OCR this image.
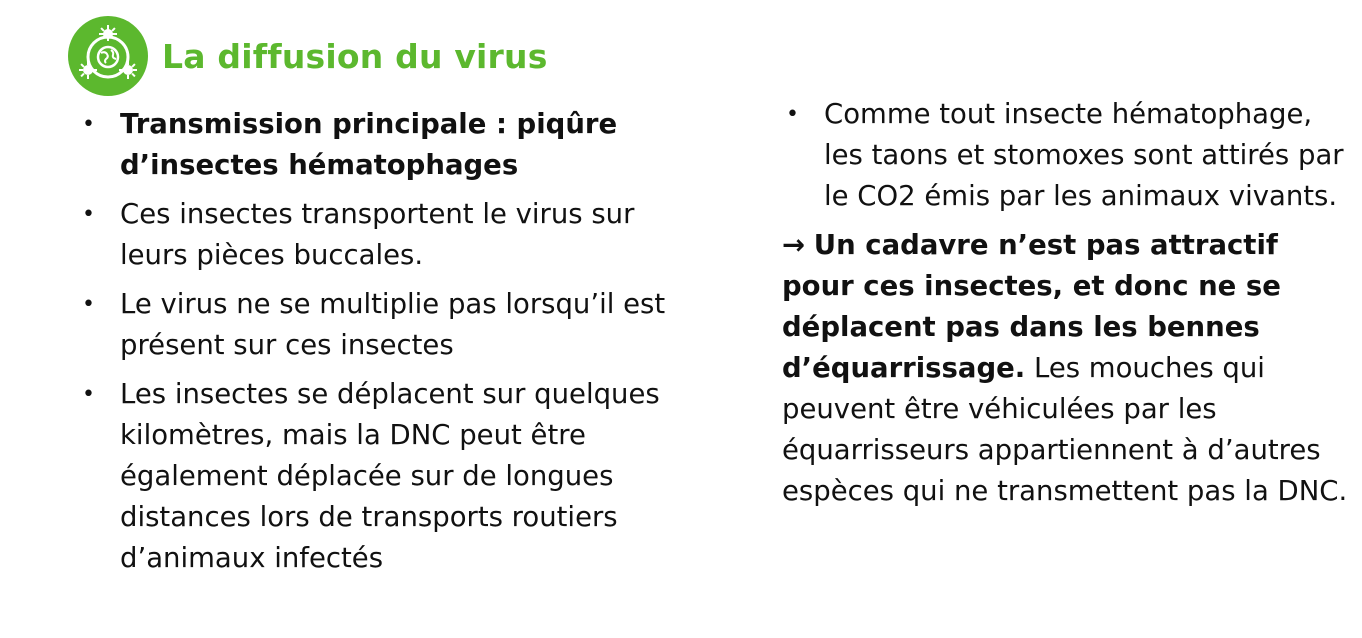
La diffusion du virus
• Transmission principale : piqûre d’insectes hématophages
• Ces insectes transportent le virus sur leurs pièces buccales.
• Le virus ne se multiplie pas lorsqu’il est présent sur ces insectes
• Les insectes se déplacent sur quelques kilomètres, mais la DNC peut être également déplacée sur de longues distances lors de transports routiers d’animaux infectés
• Comme tout insecte hématophage, les taons et stomoxes sont attirés par le CO2 émis par les animaux vivants.
→ Un cadavre n’est pas attractif pour ces insectes, et donc ne se déplacent pas dans les bennes d’équarrissage. Les mouches qui peuvent être véhiculées par les équarrisseurs appartiennent à d’autres espèces qui ne transmettent pas la DNC.
